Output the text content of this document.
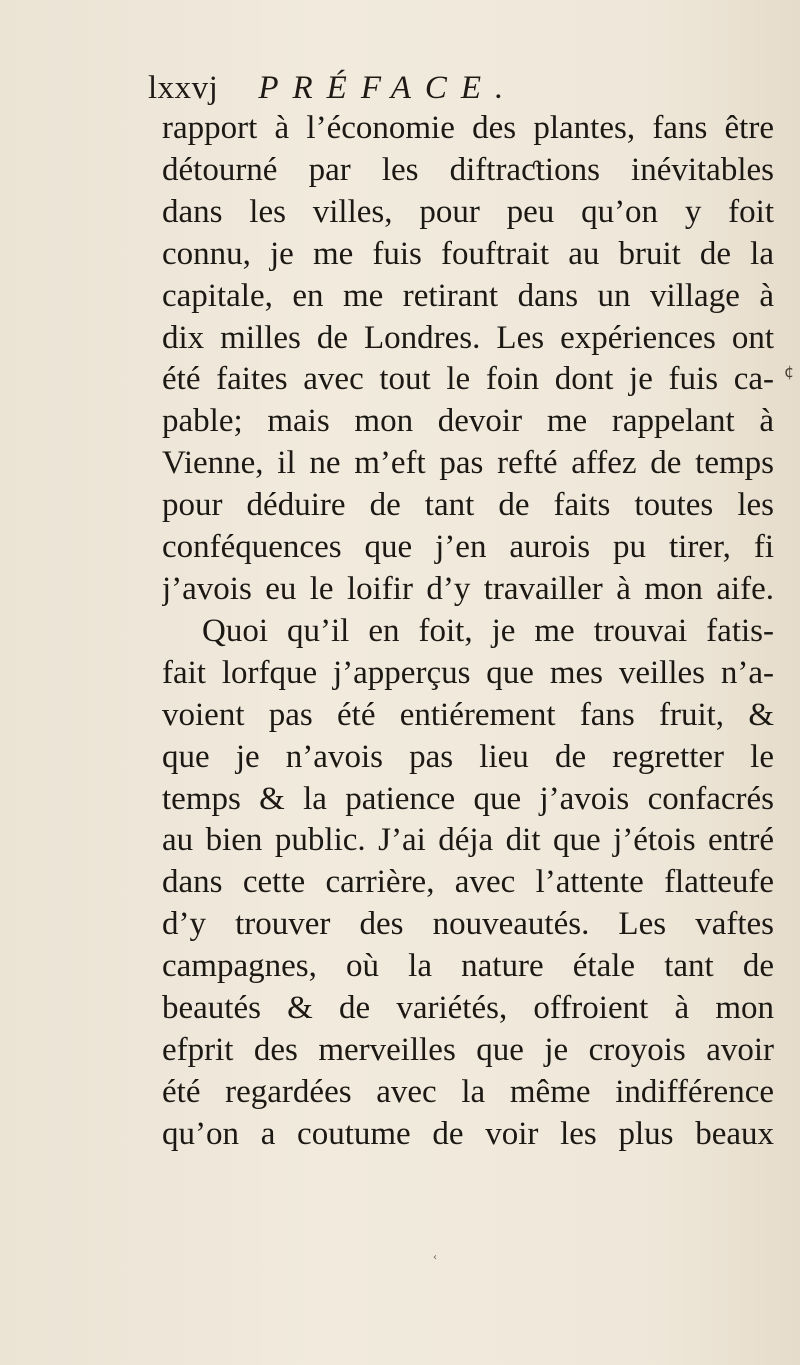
lxxvj PRÉFACE.
rapport à l’économie des plantes, fans être
détourné par les diftraƈtions inévitables
dans les villes, pour peu qu’on y foit
connu, je me fuis fouftrait au bruit de la
capitale, en me retirant dans un village à
dix milles de Londres. Les expériences ont
été faites avec tout le foin dont je fuis ca-
pable; mais mon devoir me rappelant à
Vienne, il ne m’eft pas refté affez de temps
pour déduire de tant de faits toutes les
conféquences que j’en aurois pu tirer, fi
j’avois eu le loifir d’y travailler à mon aife.
Quoi qu’il en foit, je me trouvai fatis-
fait lorfque j’apperçus que mes veilles n’a-
voient pas été entiérement fans fruit, &
que je n’avois pas lieu de regretter le
temps & la patience que j’avois confacrés
au bien public. J’ai déja dit que j’étois entré
dans cette carrière, avec l’attente flatteufe
d’y trouver des nouveautés. Les vaftes
campagnes, où la nature étale tant de
beautés & de variétés, offroient à mon
efprit des merveilles que je croyois avoir
été regardées avec la même indifférence
qu’on a coutume de voir les plus beaux
¢
‹
